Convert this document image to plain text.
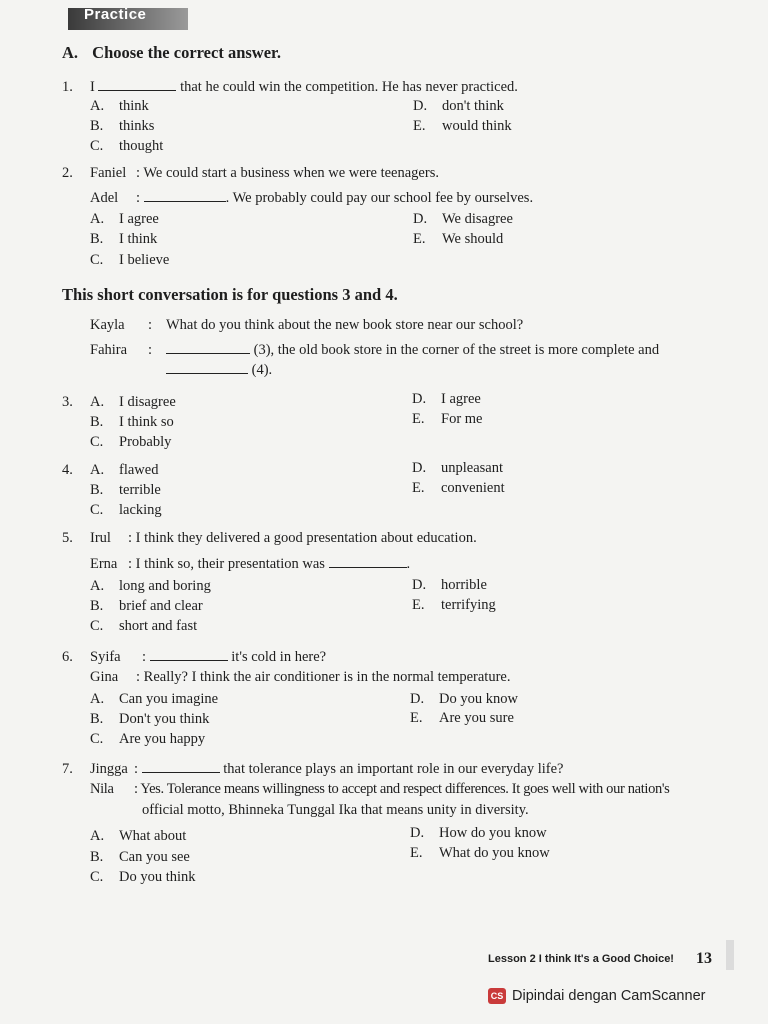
Practice
A. Choose the correct answer.
1. I	that he could win the competition. He has never practiced.
A. think
B. thinks
C. thought
D. don't think
E. would think
2. Faniel : We could start a business when we were teenagers.
Adel :	. We probably could pay our school fee by ourselves.
A. I agree
B. I think
C. I believe
D. We disagree
E. We should
This short conversation is for questions 3 and 4.
Kayla : What do you think about the new book store near our school?
Fahira :	(3), the old book store in the corner of the street is more complete and
(4).
3. A. I disagree
B. I think so
C. Probably
D. I agree
E. For me
4. A. flawed
B. terrible
C. lacking
D. unpleasant
E. convenient
5. Irul : I think they delivered a good presentation about education.
Erna : I think so, their presentation was	.
A. long and boring
B. brief and clear
C. short and fast
D. horrible
E. terrifying
6. Syifa :	it's cold in here?
Gina : Really? I think the air conditioner is in the normal temperature.
A. Can you imagine
B. Don't you think
C. Are you happy
D. Do you know
E. Are you sure
7. Jingga :	that tolerance plays an important role in our everyday life?
Nila : Yes. Tolerance means willingness to accept and respect differences. It goes well with our nation's
official motto, Bhinneka Tunggal Ika that means unity in diversity.
A. What about
B. Can you see
C. Do you think
D. How do you know
E. What do you know
Lesson 2 I think It's a Good Choice! 13
CS Dipindai dengan CamScanner
